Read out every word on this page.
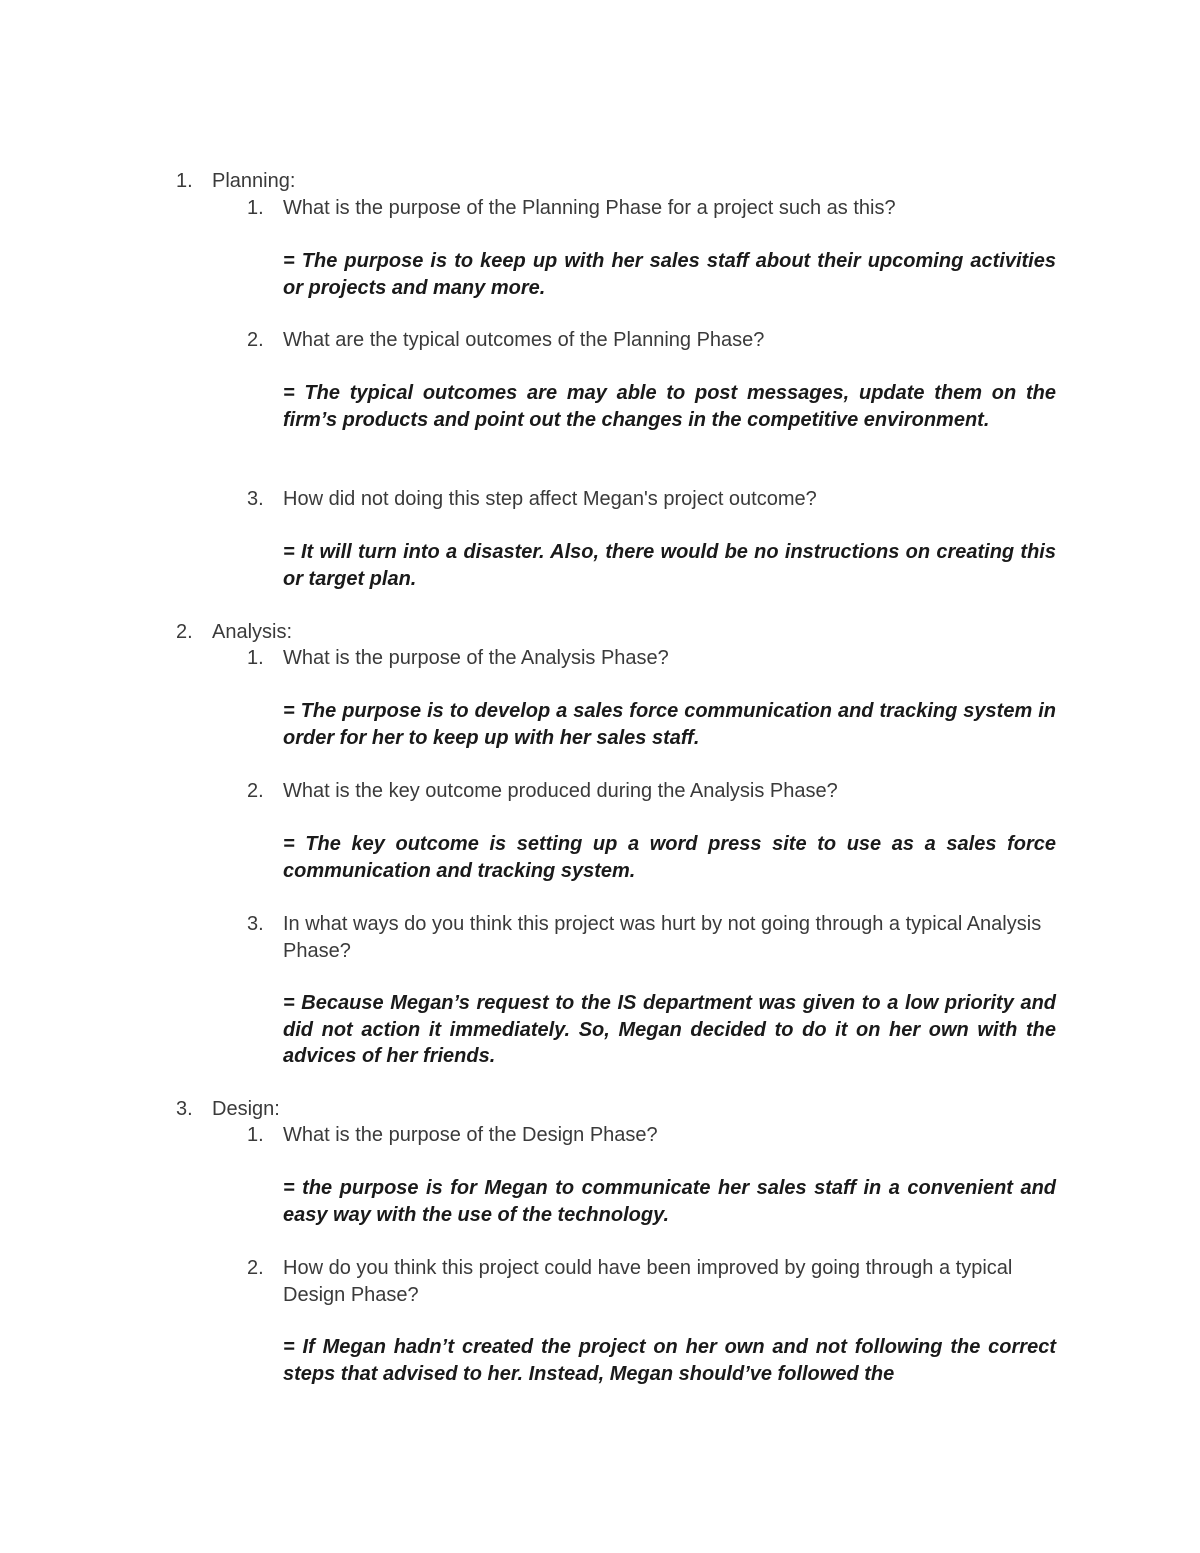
1. Planning:
1. What is the purpose of the Planning Phase for a project such as this?
= The purpose is to keep up with her sales staff about their upcoming activities or projects and many more.
2. What are the typical outcomes of the Planning Phase?
= The typical outcomes are may able to post messages, update them on the firm’s products and point out the changes in the competitive environment.
3. How did not doing this step affect Megan's project outcome?
= It will turn into a disaster. Also, there would be no instructions on creating this or target plan.
2. Analysis:
1. What is the purpose of the Analysis Phase?
= The purpose is to develop a sales force communication and tracking system in order for her to keep up with her sales staff.
2. What is the key outcome produced during the Analysis Phase?
= The key outcome is setting up a word press site to use as a sales force communication and tracking system.
3. In what ways do you think this project was hurt by not going through a typical Analysis Phase?
= Because Megan’s request to the IS department was given to a low priority and did not action it immediately. So, Megan decided to do it on her own with the advices of her friends.
3. Design:
1. What is the purpose of the Design Phase?
= the purpose is for Megan to communicate her sales staff in a convenient and easy way with the use of the technology.
2. How do you think this project could have been improved by going through a typical Design Phase?
= If Megan hadn’t created the project on her own and not following the correct steps that advised to her. Instead, Megan should’ve followed the
